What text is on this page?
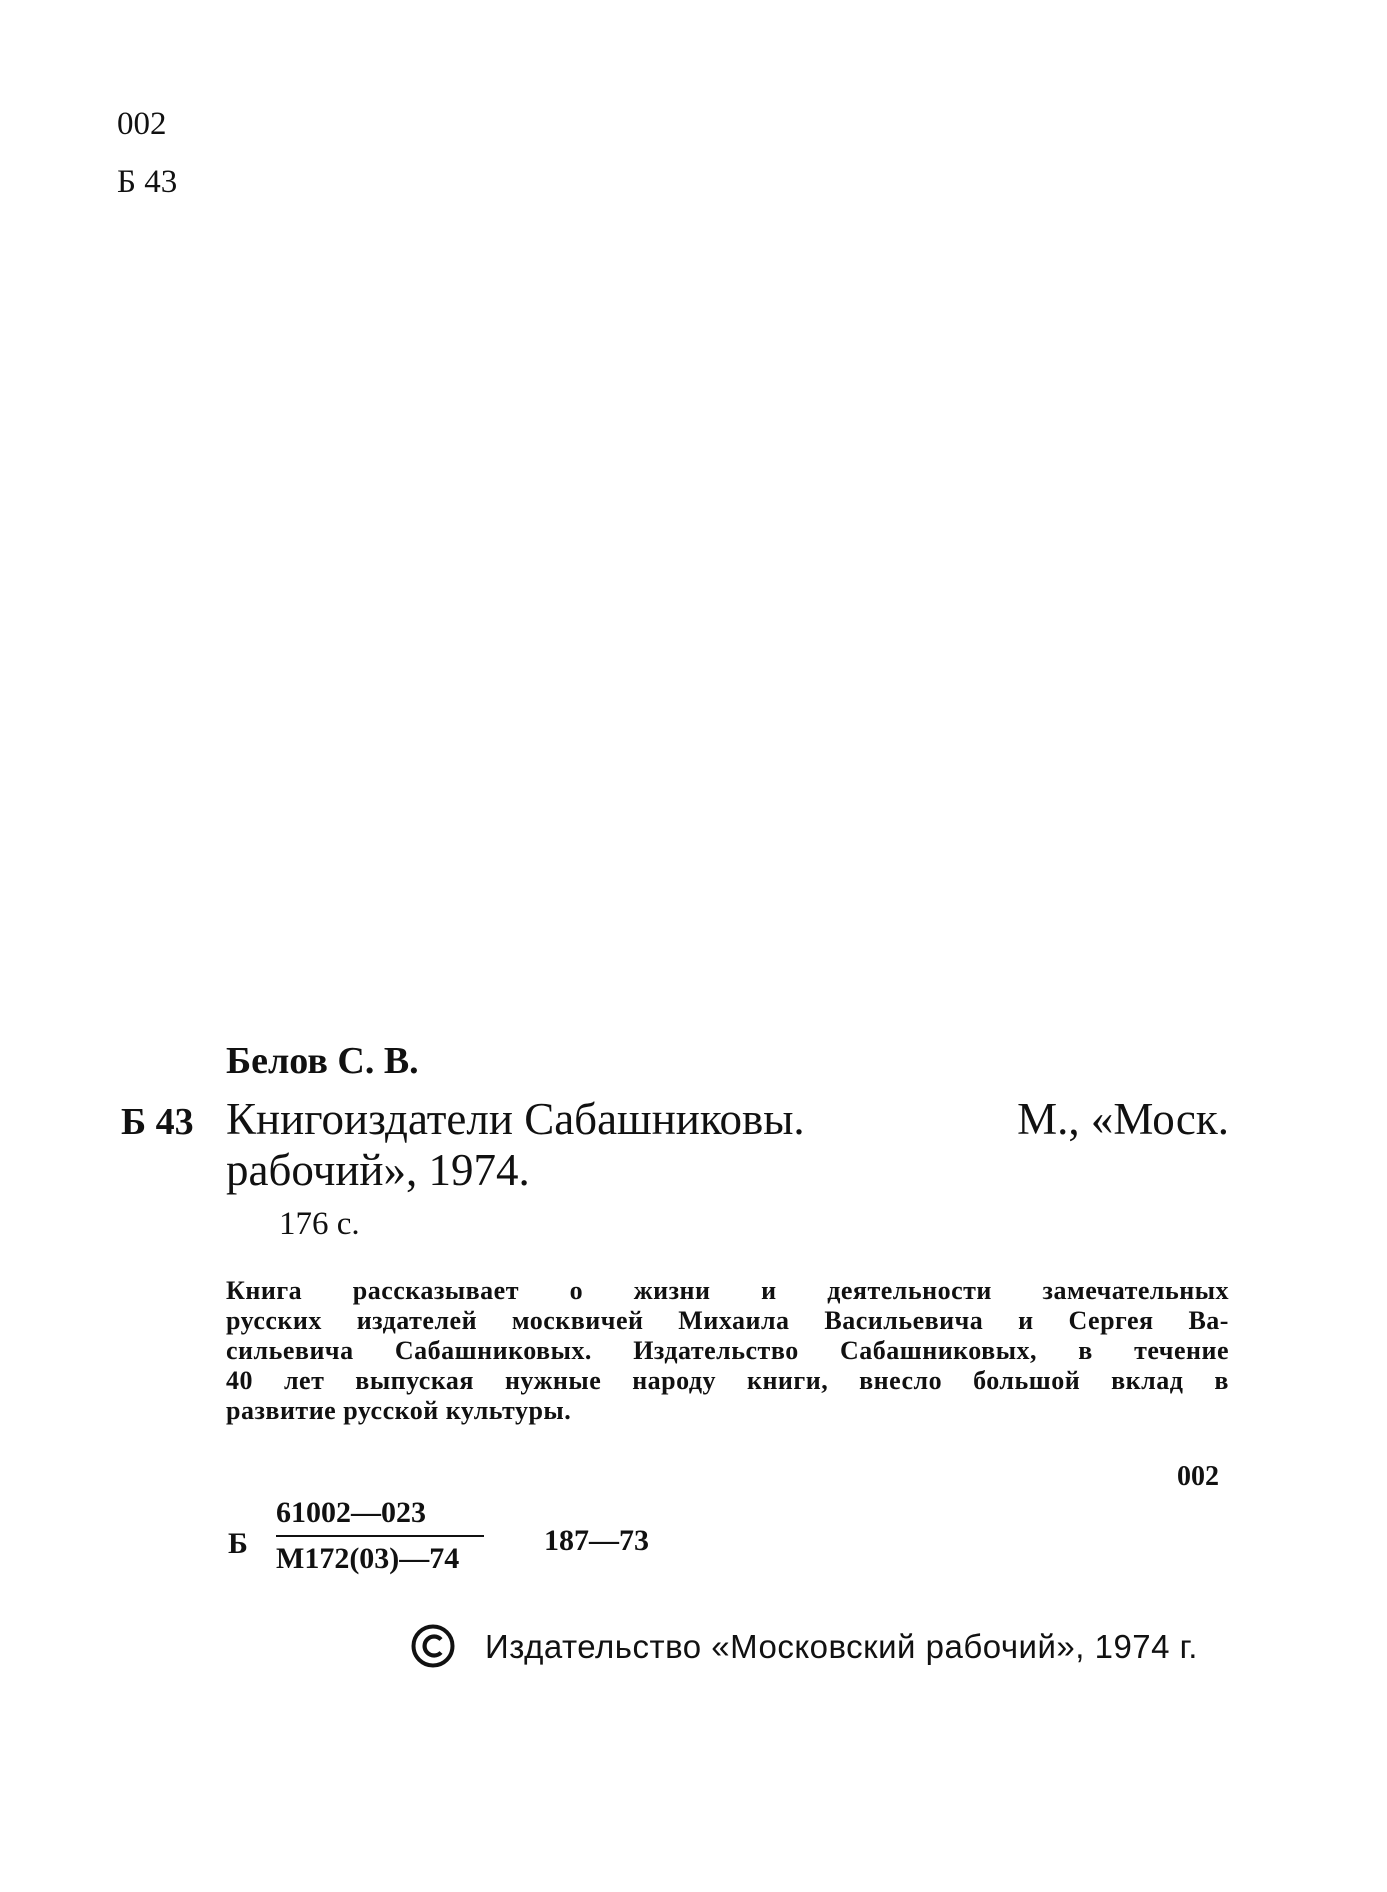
002
Б 43
Белов С. В.
Б 43 Книгоиздатели Сабашниковы.	М., «Моск.
рабочий», 1974.
176 с.
Книга рассказывает о жизни и деятельности замечательных
русских издателей москвичей Михаила Васильевича и Сергея Ва-
сильевича Сабашниковых. Издательство Сабашниковых, в течение
40 лет выпуская нужные народу книги, внесло большой вклад в
развитие русской культуры.
002
Б
61002—023
М172(03)—74
187—73
Издательство «Московский рабочий», 1974 г.
